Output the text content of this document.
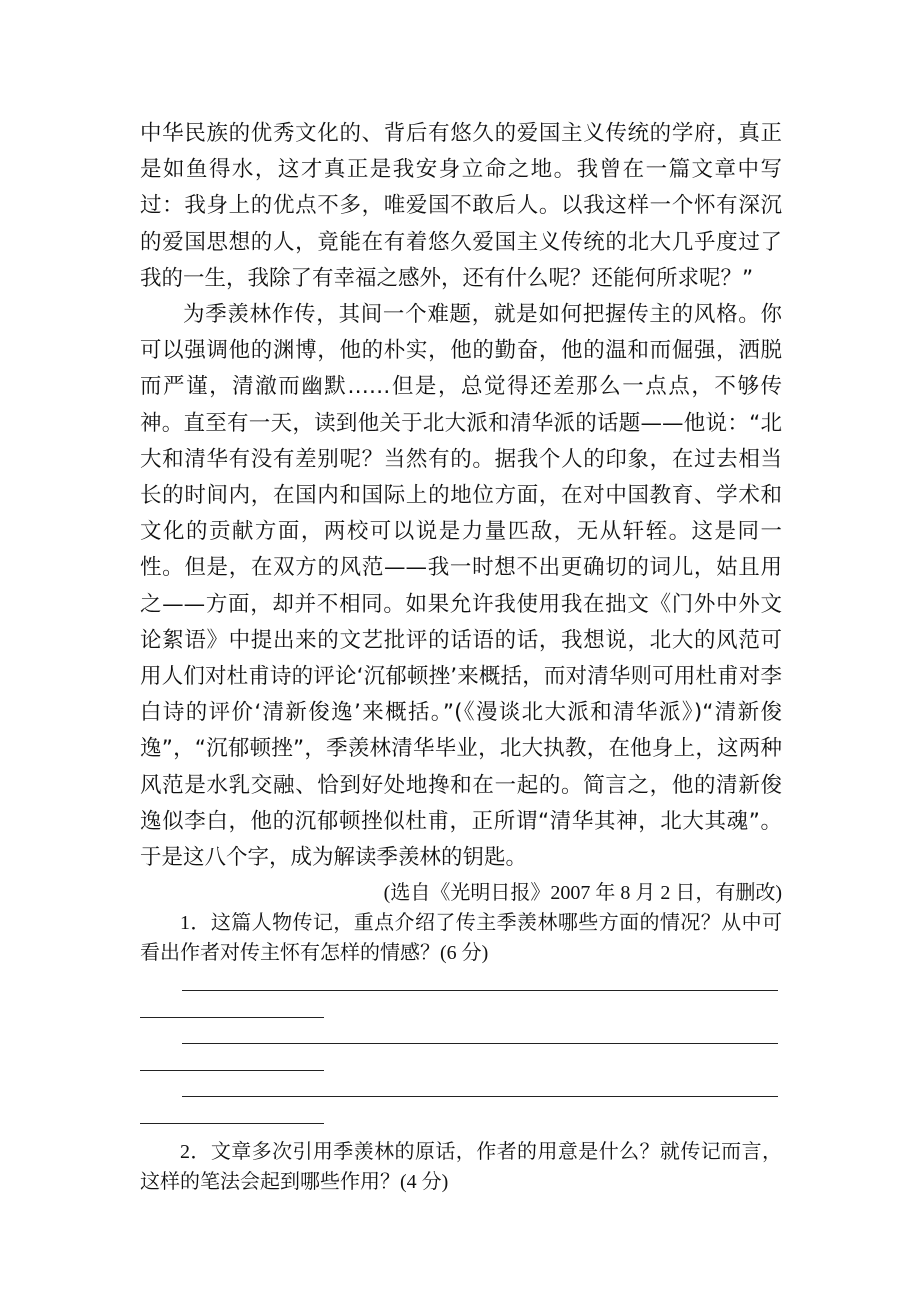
中华民族的优秀文化的、背后有悠久的爱国主义传统的学府，真正是如鱼得水，这才真正是我安身立命之地。我曾在一篇文章中写过：我身上的优点不多，唯爱国不敢后人。以我这样一个怀有深沉的爱国思想的人，竟能在有着悠久爱国主义传统的北大几乎度过了我的一生，我除了有幸福之感外，还有什么呢？还能何所求呢？”

为季羡林作传，其间一个难题，就是如何把握传主的风格。你可以强调他的渊博，他的朴实，他的勤奋，他的温和而倔强，洒脱而严谨，清澈而幽默……但是，总觉得还差那么一点点，不够传神。直至有一天，读到他关于北大派和清华派的话题——他说：“北大和清华有没有差别呢？当然有的。据我个人的印象，在过去相当长的时间内，在国内和国际上的地位方面，在对中国教育、学术和文化的贡献方面，两校可以说是力量匹敌，无从轩轾。这是同一性。但是，在双方的风范——我一时想不出更确切的词儿，姑且用之——方面，却并不相同。如果允许我使用我在拙文《门外中外文论絮语》中提出来的文艺批评的话语的话，我想说，北大的风范可用人们对杜甫诗的评论‘沉郁顿挫’来概括，而对清华则可用杜甫对李白诗的评价‘清新俊逸’来概括。”(《漫谈北大派和清华派》)“清新俊逸”，“沉郁顿挫”，季羡林清华毕业，北大执教，在他身上，这两种风范是水乳交融、恰到好处地搀和在一起的。简言之，他的清新俊逸似李白，他的沉郁顿挫似杜甫，正所谓“清华其神，北大其魂”。于是这八个字，成为解读季羡林的钥匙。

(选自《光明日报》2007 年 8 月 2 日，有删改)
1．这篇人物传记，重点介绍了传主季羡林哪些方面的情况？从中可看出作者对传主怀有怎样的情感？(6 分)
2．文章多次引用季羡林的原话，作者的用意是什么？就传记而言，这样的笔法会起到哪些作用？(4 分)
